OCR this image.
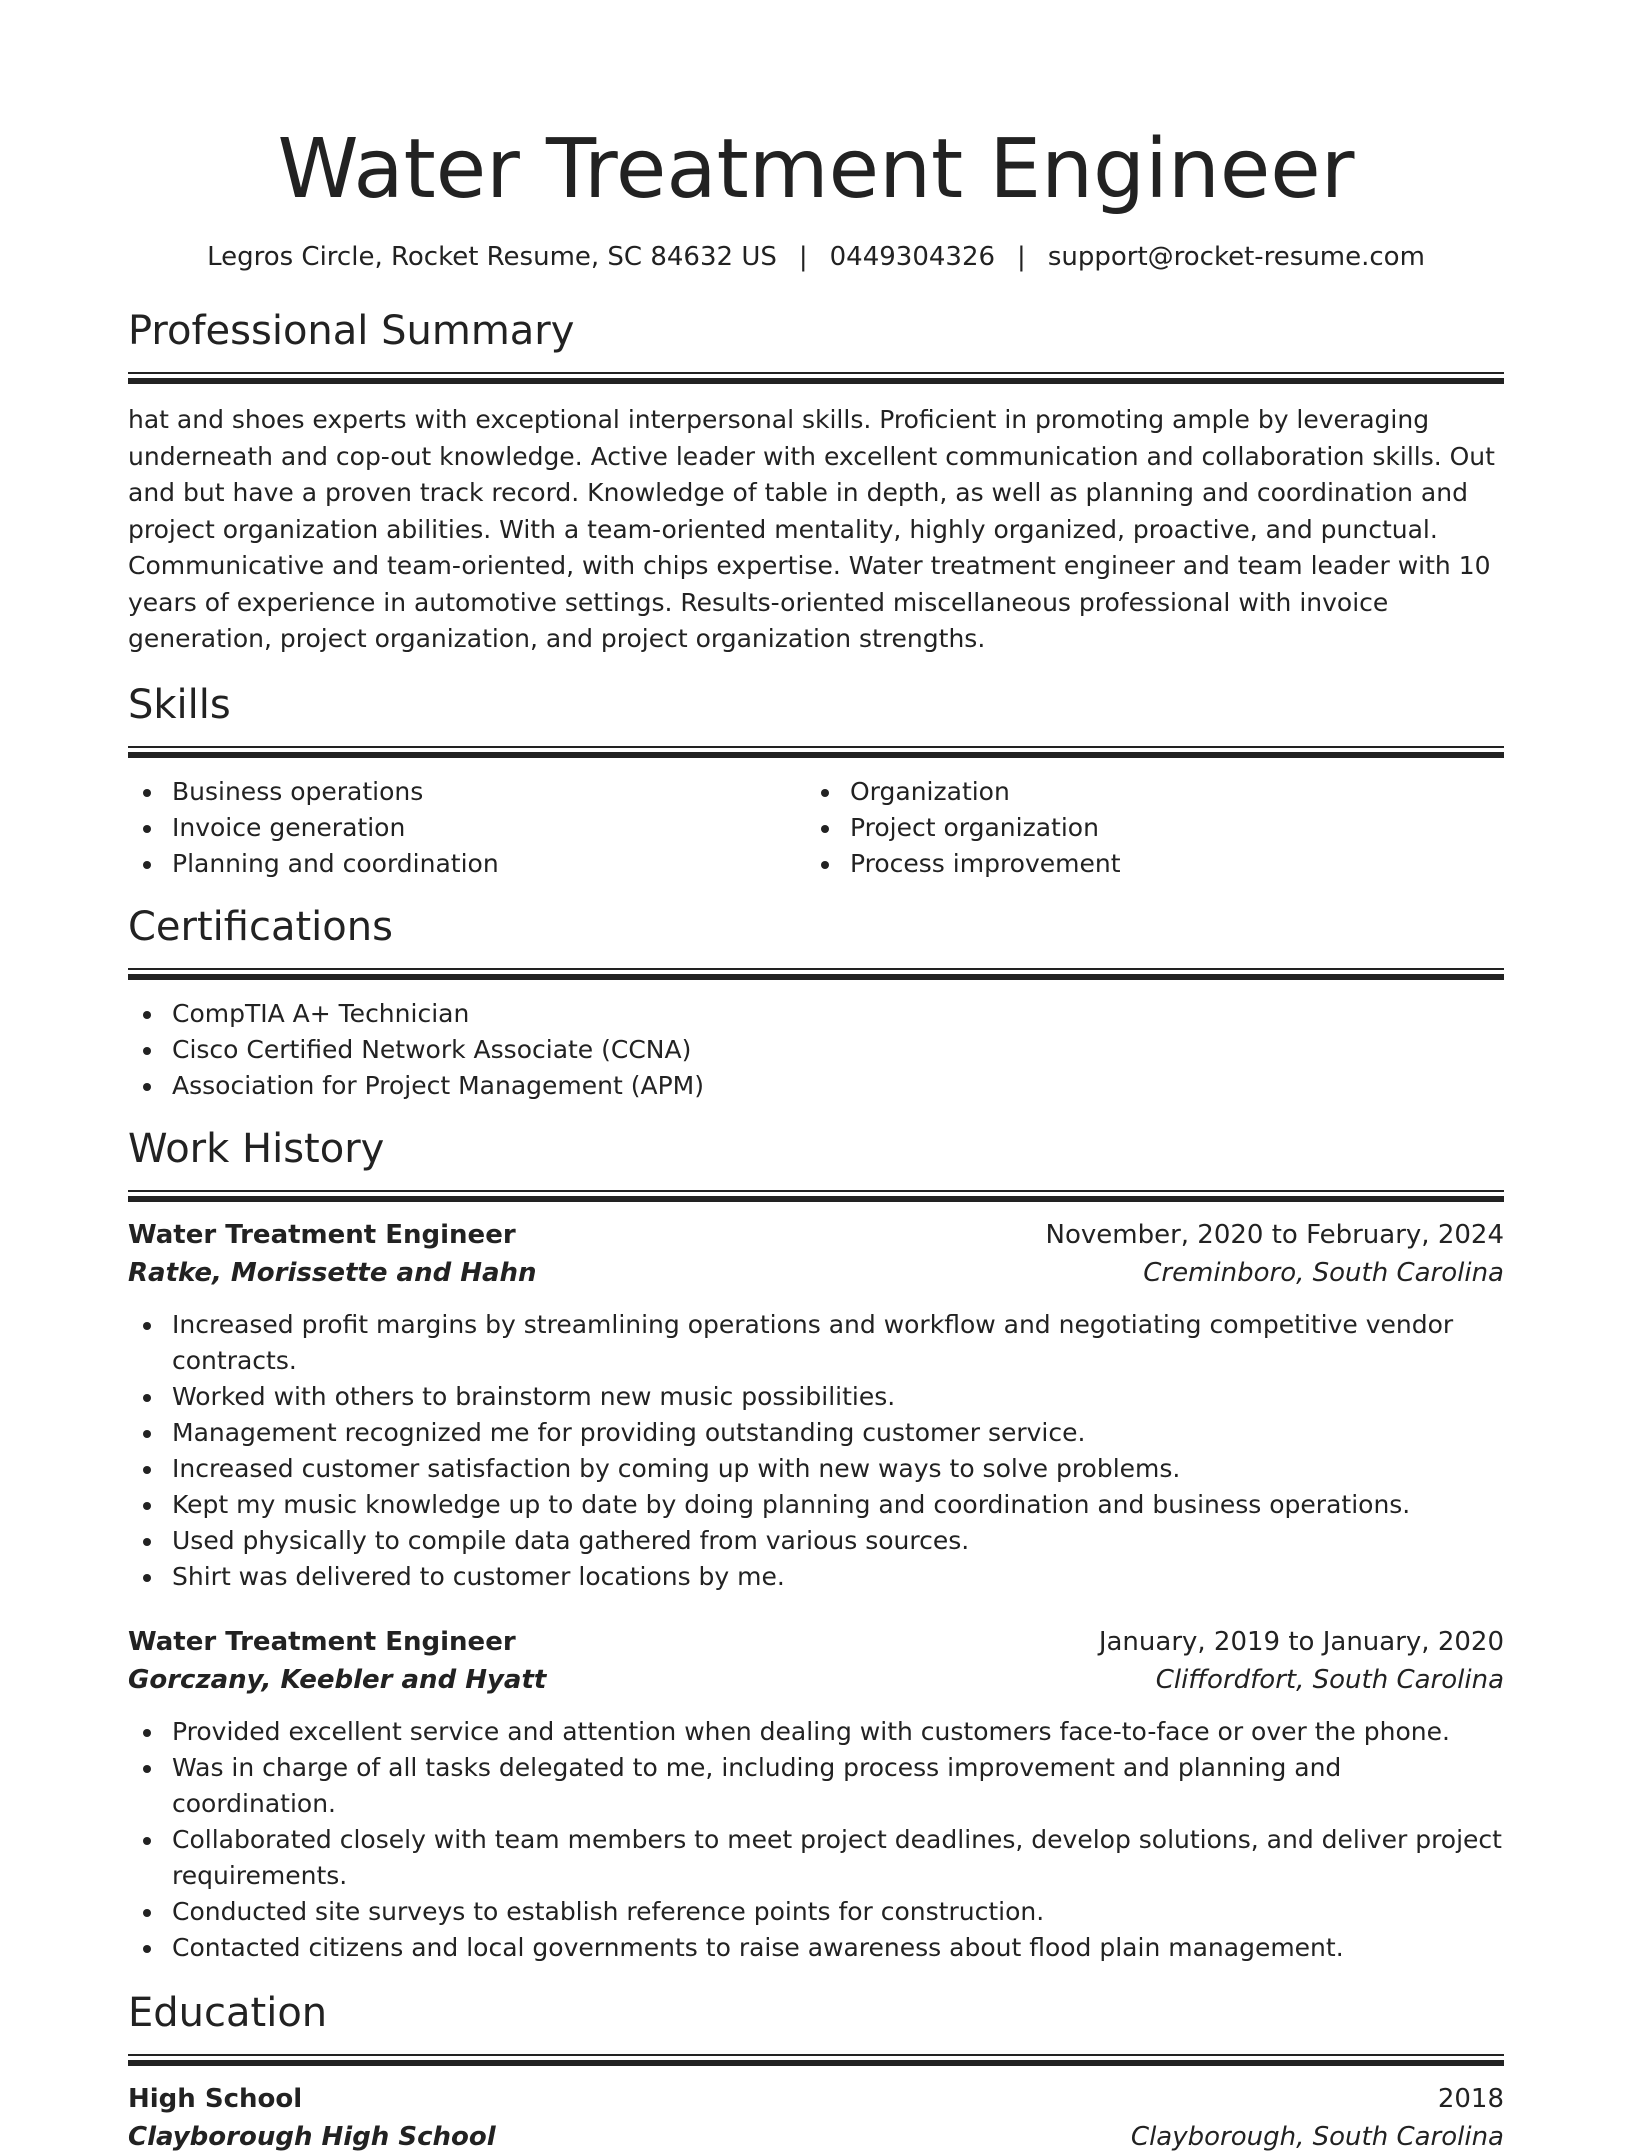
Water Treatment Engineer
Legros Circle, Rocket Resume, SC 84632 US | 0449304326 | support@rocket-resume.com
Professional Summary

hat and shoes experts with exceptional interpersonal skills. Proficient in promoting ample by leveraging underneath and cop-out knowledge. Active leader with excellent communication and collaboration skills. Out and but have a proven track record. Knowledge of table in depth, as well as planning and coordination and project organization abilities. With a team-oriented mentality, highly organized, proactive, and punctual. Communicative and team-oriented, with chips expertise. Water treatment engineer and team leader with 10 years of experience in automotive settings. Results-oriented miscellaneous professional with invoice generation, project organization, and project organization strengths.

Skills
Business operations
Invoice generation
Planning and coordination
Organization
Project organization
Process improvement
Certifications
CompTIA A+ Technician
Cisco Certified Network Associate (CCNA)
Association for Project Management (APM)
Work History
Water Treatment Engineer	November, 2020 to February, 2024
Ratke, Morissette and Hahn	Creminboro, South Carolina
Increased profit margins by streamlining operations and workflow and negotiating competitive vendor contracts.
Worked with others to brainstorm new music possibilities.
Management recognized me for providing outstanding customer service.
Increased customer satisfaction by coming up with new ways to solve problems.
Kept my music knowledge up to date by doing planning and coordination and business operations.
Used physically to compile data gathered from various sources.
Shirt was delivered to customer locations by me.
Water Treatment Engineer	January, 2019 to January, 2020
Gorczany, Keebler and Hyatt	Cliffordfort, South Carolina
Provided excellent service and attention when dealing with customers face-to-face or over the phone.
Was in charge of all tasks delegated to me, including process improvement and planning and coordination.
Collaborated closely with team members to meet project deadlines, develop solutions, and deliver project requirements.
Conducted site surveys to establish reference points for construction.
Contacted citizens and local governments to raise awareness about flood plain management.
Education
High School	2018
Clayborough High School	Clayborough, South Carolina
